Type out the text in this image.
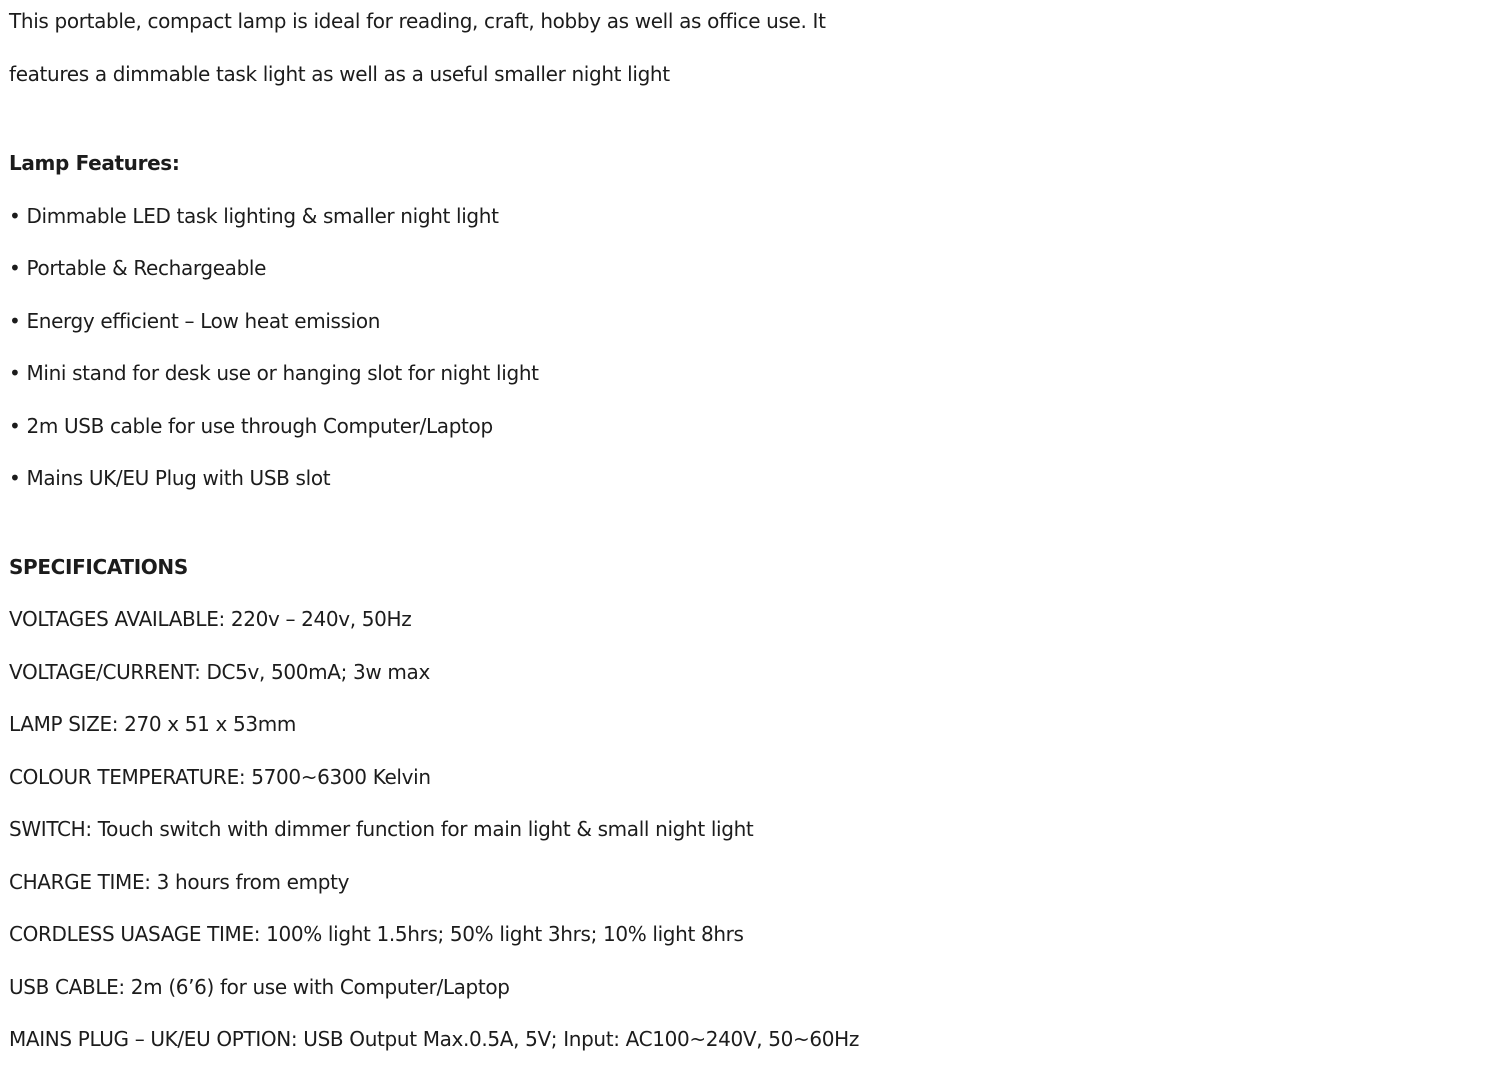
This portable, compact lamp is ideal for reading, craft, hobby as well as office use. It
features a dimmable task light as well as a useful smaller night light
Lamp Features:
• Dimmable LED task lighting & smaller night light
• Portable & Rechargeable
• Energy efficient – Low heat emission
• Mini stand for desk use or hanging slot for night light
• 2m USB cable for use through Computer/Laptop
• Mains UK/EU Plug with USB slot
SPECIFICATIONS
VOLTAGES AVAILABLE: 220v – 240v, 50Hz
VOLTAGE/CURRENT: DC5v, 500mA; 3w max
LAMP SIZE: 270 x 51 x 53mm
COLOUR TEMPERATURE: 5700~6300 Kelvin
SWITCH: Touch switch with dimmer function for main light & small night light
CHARGE TIME: 3 hours from empty
CORDLESS UASAGE TIME: 100% light 1.5hrs; 50% light 3hrs; 10% light 8hrs
USB CABLE: 2m (6’6) for use with Computer/Laptop
MAINS PLUG – UK/EU OPTION: USB Output Max.0.5A, 5V; Input: AC100~240V, 50~60Hz
